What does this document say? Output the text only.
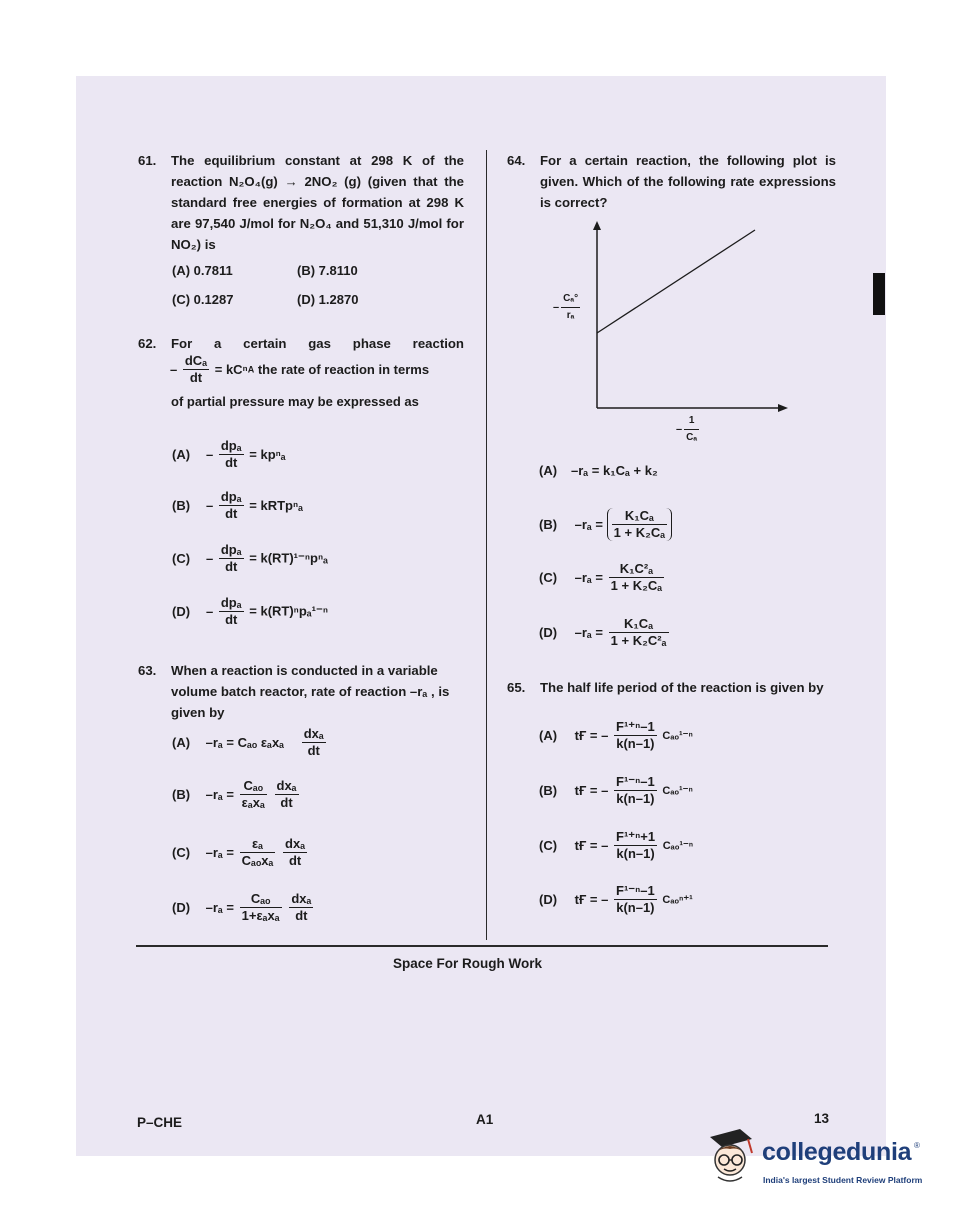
61. The equilibrium constant at 298 K of the reaction N₂O₄(g) → 2NO₂ (g) (given that the standard free energies of formation at 298 K are 97,540 J/mol for N₂O₄ and 51,310 J/mol for NO₂) is
(A) 0.7811	(B) 7.8110
(C) 0.1287	(D) 1.2870
62. For a certain gas phase reaction
– $\frac{\text{dCₐ}}{dt} = kC^nA$ the rate of reaction in terms
of partial pressure may be expressed as
$(A) - \frac{\text{dpₐ}}{dt} = kp^n_a$
$(B) - \frac{\text{dpₐ}}{dt}$ = kRTpⁿₐ
$(C) - \frac{\text{dpₐ}}{dt} = k(RT)^{1-n}p^n_a$
$(D) - \frac{\text{dpₐ}}{dt} = k(RT)^np_a^{1-n}$
63. When a reaction is conducted in a variable volume batch reactor, rate of reaction –rₐ , is given by
(A) –rₐ = Cₐₒ εₐxₐ $\frac{\text{dxₐ}}{dt}$
(B) $-r_a = \frac{\text{Cₐₒ}}{\text{εₐxₐ}}$
$\frac{\text{dxₐ}}{dt}$
(C) $-r_a = \frac{\text{εₐ}}{\text{Cₐₒxₐ}}$
$\frac{\text{dxₐ}}{dt}$
(D) $-r_a = \frac{\text{Cₐₒ}}{\text{1+εₐxₐ}}$
$\frac{\text{dxₐ}}{dt}$
64. For a certain reaction, the following plot is given. Which of the following rate expressions is correct?
– $\frac{\text{Cₐ°}}{\text{rₐ}}$
– $\frac{1}{\text{Cₐ}}$
(A) –rₐ = k₁Cₐ + k₂
(B) $-r_a = \frac{\text{K₁Cₐ}}{\text{1 + K₂Cₐ}}$
(C) $-r_a = \frac{\text{K₁C²ₐ}}{\text{1 + K₂Cₐ}}$
(D) $-r_a = \frac{\text{K₁Cₐ}}{\text{1 + K₂C²ₐ}}$
65. The half life period of the reaction is given by
(A) tҒ = – $\frac{\text{F¹⁺ⁿ–1}}{k(n-1)} C_{ao}^{1-n}$
(B) tҒ = – $\frac{\text{F¹⁻ⁿ–1}}{k(n-1)} C_{ao}^{1-n}$
(C) tҒ = – $\frac{\text{F¹⁺ⁿ+1}}{k(n-1)} C_{ao}^{1-n}$
(D) tҒ = – $\frac{\text{F¹⁻ⁿ–1}}{k(n-1)} C_{ao}^{n+1}$
Space For Rough Work
P–CHE	A1	13
collegedunia ®
India's largest Student Review Platform
